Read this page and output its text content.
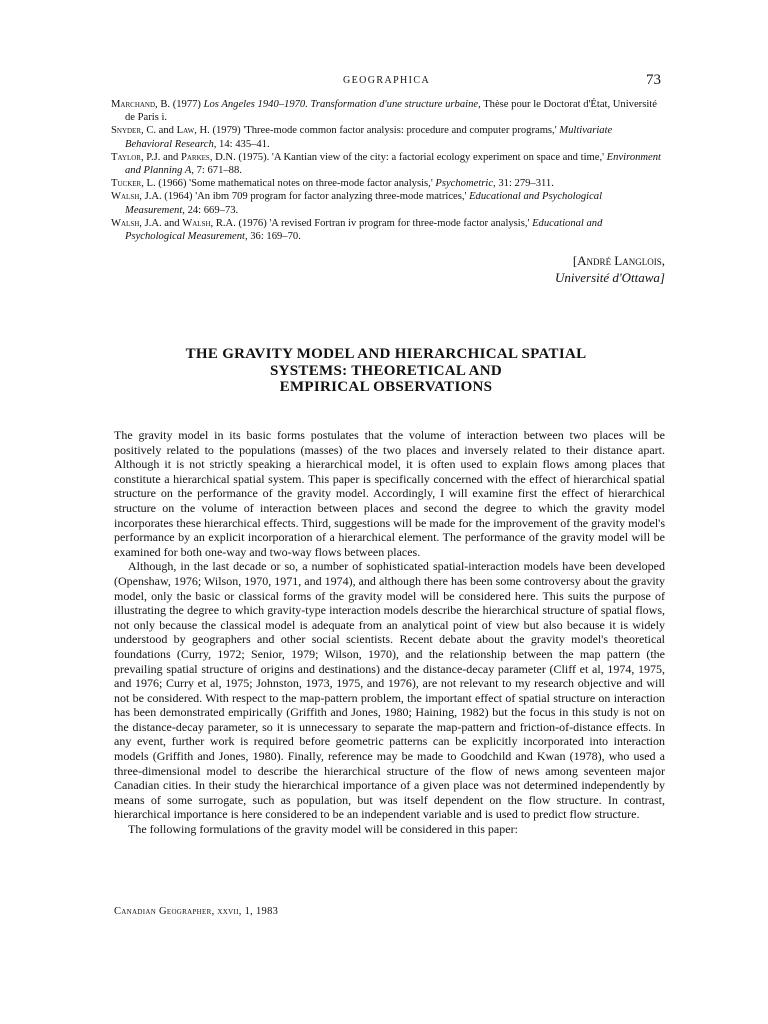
GEOGRAPHICA	73

Marchand, B. (1977) Los Angeles 1940–1970. Transformation d'une structure urbaine, Thèse pour le Doctorat d'État, Université de Paris i.

Snyder, C. and Law, H. (1979) 'Three-mode common factor analysis: procedure and computer programs,' Multivariate Behavioral Research, 14: 435–41.

Taylor, P.J. and Parkes, D.N. (1975). 'A Kantian view of the city: a factorial ecology experiment on space and time,' Environment and Planning A, 7: 671–88.

Tucker, L. (1966) 'Some mathematical notes on three-mode factor analysis,' Psychometric, 31: 279–311.

Walsh, J.A. (1964) 'An ibm 709 program for factor analyzing three-mode matrices,' Educational and Psychological Measurement, 24: 669–73.

Walsh, J.A. and Walsh, R.A. (1976) 'A revised Fortran iv program for three-mode factor analysis,' Educational and Psychological Measurement, 36: 169–70.

[André Langlois,
Université d'Ottawa]
THE GRAVITY MODEL AND HIERARCHICAL SPATIAL
SYSTEMS: THEORETICAL AND
EMPIRICAL OBSERVATIONS

The gravity model in its basic forms postulates that the volume of interaction between two places will be positively related to the populations (masses) of the two places and inversely related to their distance apart. Although it is not strictly speaking a hierarchical model, it is often used to explain flows among places that constitute a hierarchical spatial system. This paper is specifically concerned with the effect of hierarchical spatial structure on the performance of the gravity model. Accordingly, I will examine first the effect of hierarchical structure on the volume of interaction between places and second the degree to which the gravity model incorporates these hierarchical effects. Third, suggestions will be made for the improvement of the gravity model's performance by an explicit incorporation of a hierarchical element. The performance of the gravity model will be examined for both one-way and two-way flows between places.

Although, in the last decade or so, a number of sophisticated spatial-interaction models have been developed (Openshaw, 1976; Wilson, 1970, 1971, and 1974), and although there has been some controversy about the gravity model, only the basic or classical forms of the gravity model will be considered here. This suits the purpose of illustrating the degree to which gravity-type interaction models describe the hierarchical structure of spatial flows, not only because the classical model is adequate from an analytical point of view but also because it is widely understood by geographers and other social scientists. Recent debate about the gravity model's theoretical foundations (Curry, 1972; Senior, 1979; Wilson, 1970), and the relationship between the map pattern (the prevailing spatial structure of origins and destinations) and the distance-decay parameter (Cliff et al, 1974, 1975, and 1976; Curry et al, 1975; Johnston, 1973, 1975, and 1976), are not relevant to my research objective and will not be considered. With respect to the map-pattern problem, the important effect of spatial structure on interaction has been demonstrated empirically (Griffith and Jones, 1980; Haining, 1982) but the focus in this study is not on the distance-decay parameter, so it is unnecessary to separate the map-pattern and friction-of-distance effects. In any event, further work is required before geometric patterns can be explicitly incorporated into interaction models (Griffith and Jones, 1980). Finally, reference may be made to Goodchild and Kwan (1978), who used a three-dimensional model to describe the hierarchical structure of the flow of news among seventeen major Canadian cities. In their study the hierarchical importance of a given place was not determined independently by means of some surrogate, such as population, but was itself dependent on the flow structure. In contrast, hierarchical importance is here considered to be an independent variable and is used to predict flow structure.

The following formulations of the gravity model will be considered in this paper:

Canadian Geographer, xxvii, 1, 1983
